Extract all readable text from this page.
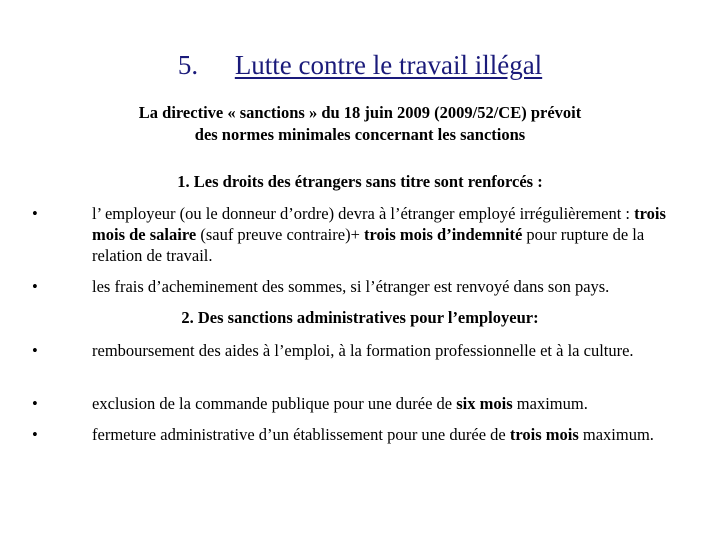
5. Lutte contre le travail illégal
La directive « sanctions » du 18 juin 2009 (2009/52/CE) prévoit
des normes minimales concernant les sanctions
1. Les droits des étrangers sans titre sont renforcés :
•	l’ employeur (ou le donneur d’ordre) devra à l’étranger employé irrégulièrement : trois mois de salaire (sauf preuve contraire)+ trois mois d’indemnité pour rupture de la relation de travail.
•	les frais d’acheminement des sommes, si l’étranger est renvoyé dans son pays.
2. Des sanctions administratives pour l’employeur:
•	remboursement des aides à l’emploi, à la formation professionnelle et à la culture.
•	exclusion de la commande publique pour une durée de six mois maximum.
•	fermeture administrative d’un établissement pour une durée de trois mois maximum.
